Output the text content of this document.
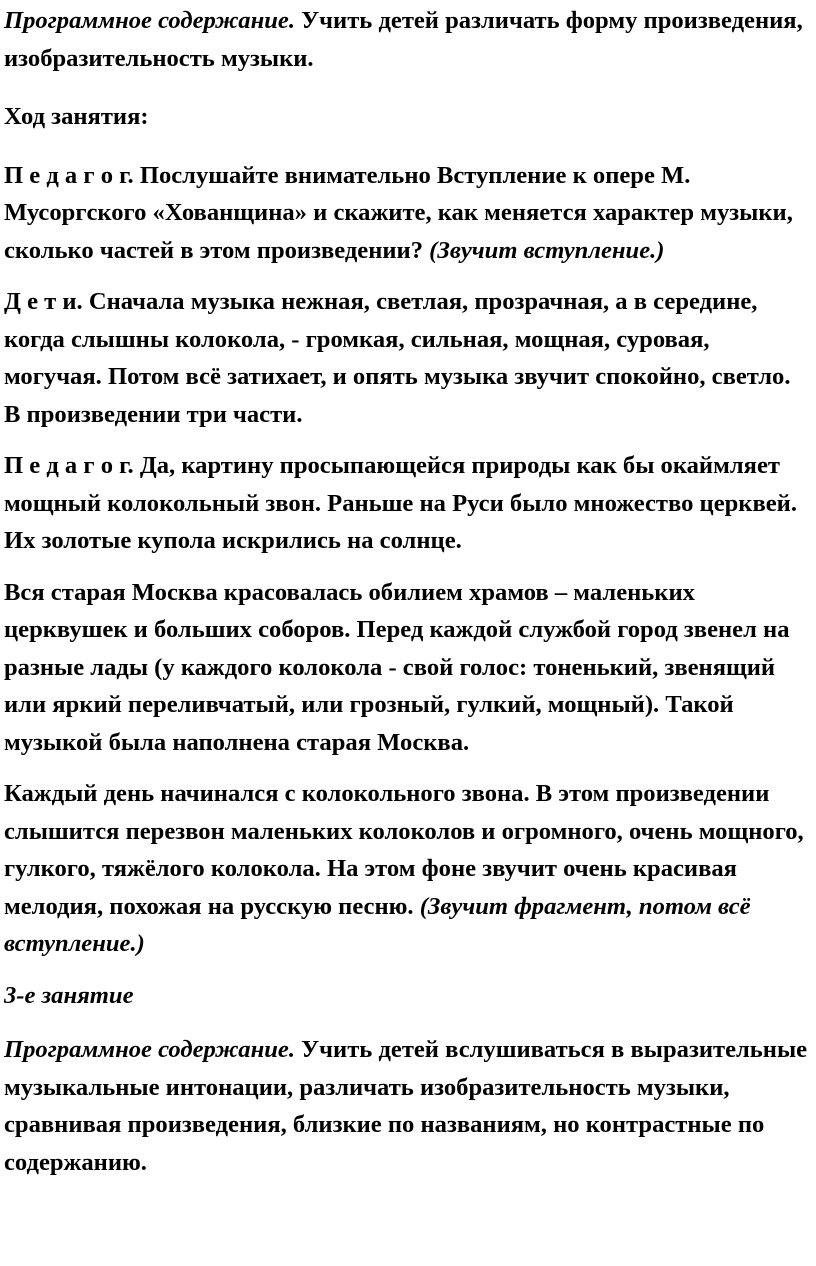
Программное содержание. Учить детей различать форму произведения, изобразительность музыки.

Ход занятия:

П е д а г о г. Послушайте внимательно Вступление к опере М. Мусоргского «Хованщина» и скажите, как меняется характер музыки, сколько частей в этом произведении? (Звучит вступление.)

Д е т и. Сначала музыка нежная, светлая, прозрачная, а в середине, когда слышны колокола, - громкая, сильная, мощная, суровая, могучая. Потом всё затихает, и опять музыка звучит спокойно, светло. В произведении три части.

П е д а г о г. Да, картину просыпающейся природы как бы окаймляет мощный колокольный звон. Раньше на Руси было множество церквей. Их золотые купола искрились на солнце.

Вся старая Москва красовалась обилием храмов – маленьких церквушек и больших соборов. Перед каждой службой город звенел на разные лады (у каждого колокола - свой голос: тоненький, звенящий или яркий переливчатый, или грозный, гулкий, мощный). Такой музыкой была наполнена старая Москва.

Каждый день начинался с колокольного звона. В этом произведении слышится перезвон маленьких колоколов и огромного, очень мощного, гулкого, тяжёлого колокола. На этом фоне звучит очень красивая мелодия, похожая на русскую песню. (Звучит фрагмент, потом всё вступление.)

3-е занятие

Программное содержание. Учить детей вслушиваться в выразительные музыкальные интонации, различать изобразительность музыки, сравнивая произведения, близкие по названиям, но контрастные по содержанию.
